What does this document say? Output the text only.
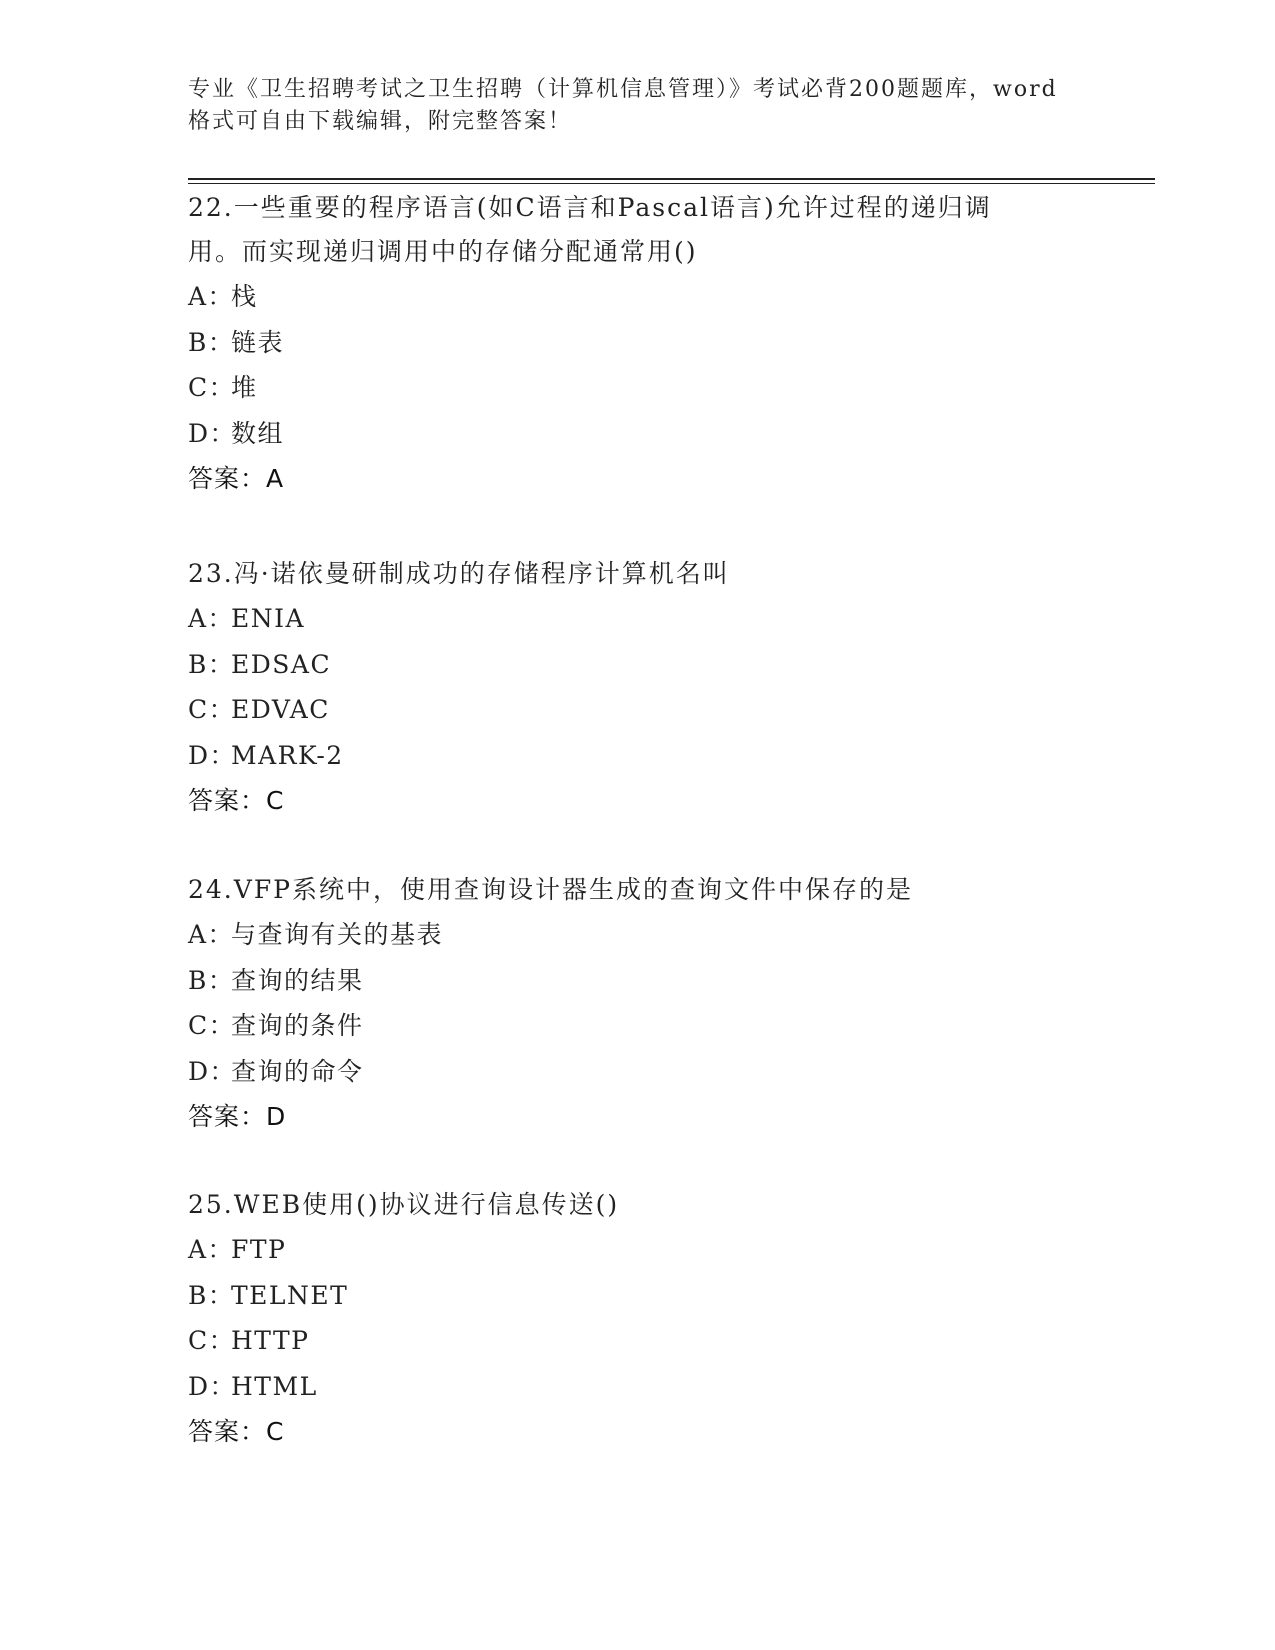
专业《卫生招聘考试之卫生招聘（计算机信息管理）》考试必背200题题库，word
格式可自由下载编辑，附完整答案！
22.一些重要的程序语言(如C语言和Pascal语言)允许过程的递归调
用。而实现递归调用中的存储分配通常用()
A：栈
B：链表
C：堆
D：数组
答案：A
23.冯·诺依曼研制成功的存储程序计算机名叫
A：ENIA
B：EDSAC
C：EDVAC
D：MARK-2
答案：C
24.VFP系统中，使用查询设计器生成的查询文件中保存的是
A：与查询有关的基表
B：查询的结果
C：查询的条件
D：查询的命令
答案：D
25.WEB使用()协议进行信息传送()
A：FTP
B：TELNET
C：HTTP
D：HTML
答案：C
